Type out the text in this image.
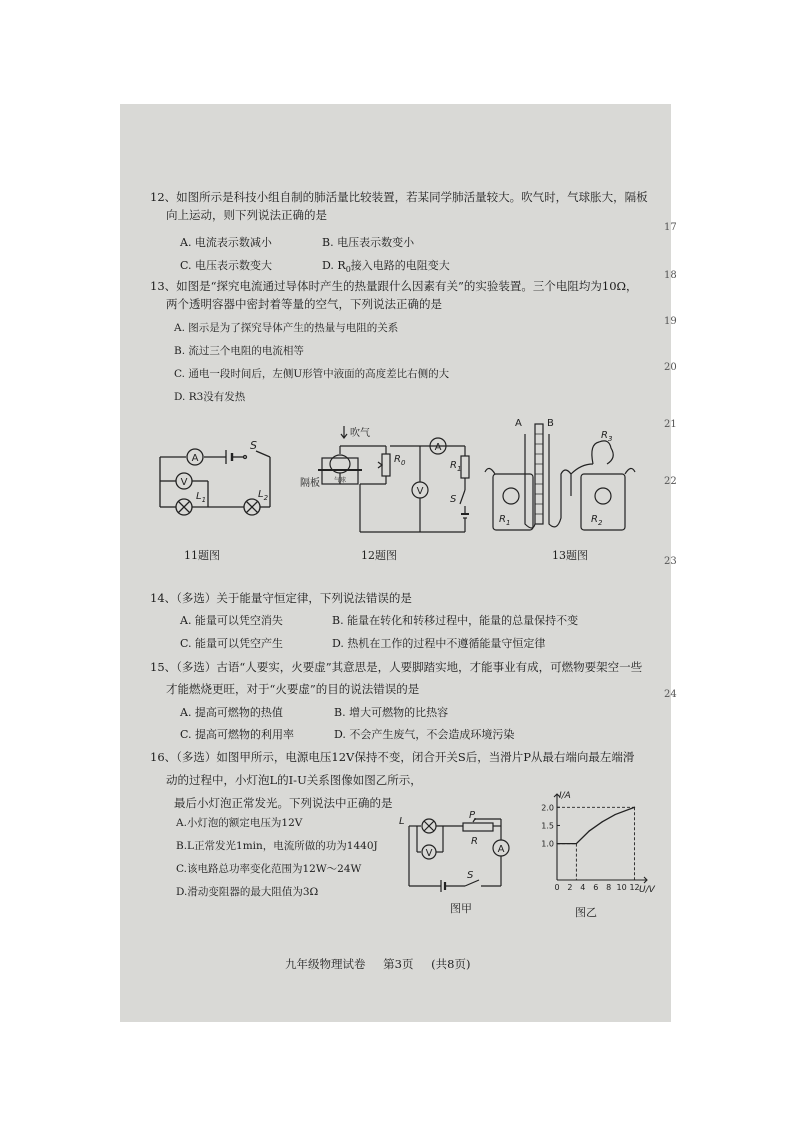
12、如图所示是科技小组自制的肺活量比较装置，若某同学肺活量较大。吹气时，气球胀大，隔板
向上运动，则下列说法正确的是
A. 电流表示数减小	B. 电压表示数变小
C. 电压表示数变大	D. $R_0$接入电路的电阻变大
13、如图是“探究电流通过导体时产生的热量跟什么因素有关”的实验装置。三个电阻均为10Ω，
两个透明容器中密封着等量的空气，下列说法正确的是
A. 图示是为了探究导体产生的热量与电阻的关系
B. 流过三个电阻的电流相等
C. 通电一段时间后，左侧U形管中液面的高度差比右侧的大
D. R3没有发热
A
V
S
$L_1$	$L_2$
11题图
吹气
隔板 气球
$R_0$	$R_1$
S
A
V
12题图
A	B
$R_3$
$R_1$	$R_2$
13题图
14、（多选）关于能量守恒定律，下列说法错误的是
A. 能量可以凭空消失	B. 能量在转化和转移过程中，能量的总量保持不变
C. 能量可以凭空产生	D. 热机在工作的过程中不遵循能量守恒定律
15、（多选）古语“人要实，火要虚”其意思是，人要脚踏实地，才能事业有成，可燃物要架空一些
才能燃烧更旺，对于“火要虚”的目的说法错误的是
A. 提高可燃物的热值	B. 增大可燃物的比热容
C. 提高可燃物的利用率	D. 不会产生废气，不会造成环境污染
16、（多选）如图甲所示，电源电压12V保持不变，闭合开关S后，当滑片P从最右端向最左端滑
动的过程中，小灯泡L的I-U关系图像如图乙所示，
最后小灯泡正常发光。下列说法中正确的是
A.小灯泡的额定电压为12V
B.L正常发光1min，电流所做的功为1440J
C.该电路总功率变化范围为12W～24W
D.滑动变阻器的最大阻值为3Ω
L
P
R
A
V
S
图甲
0 2 4 6 8 10 12
1.0
1.5
2.0
I/A
U/V
图乙
17
18
19
20
21
22
23
24
九年级物理试卷 第3页 (共8页)
